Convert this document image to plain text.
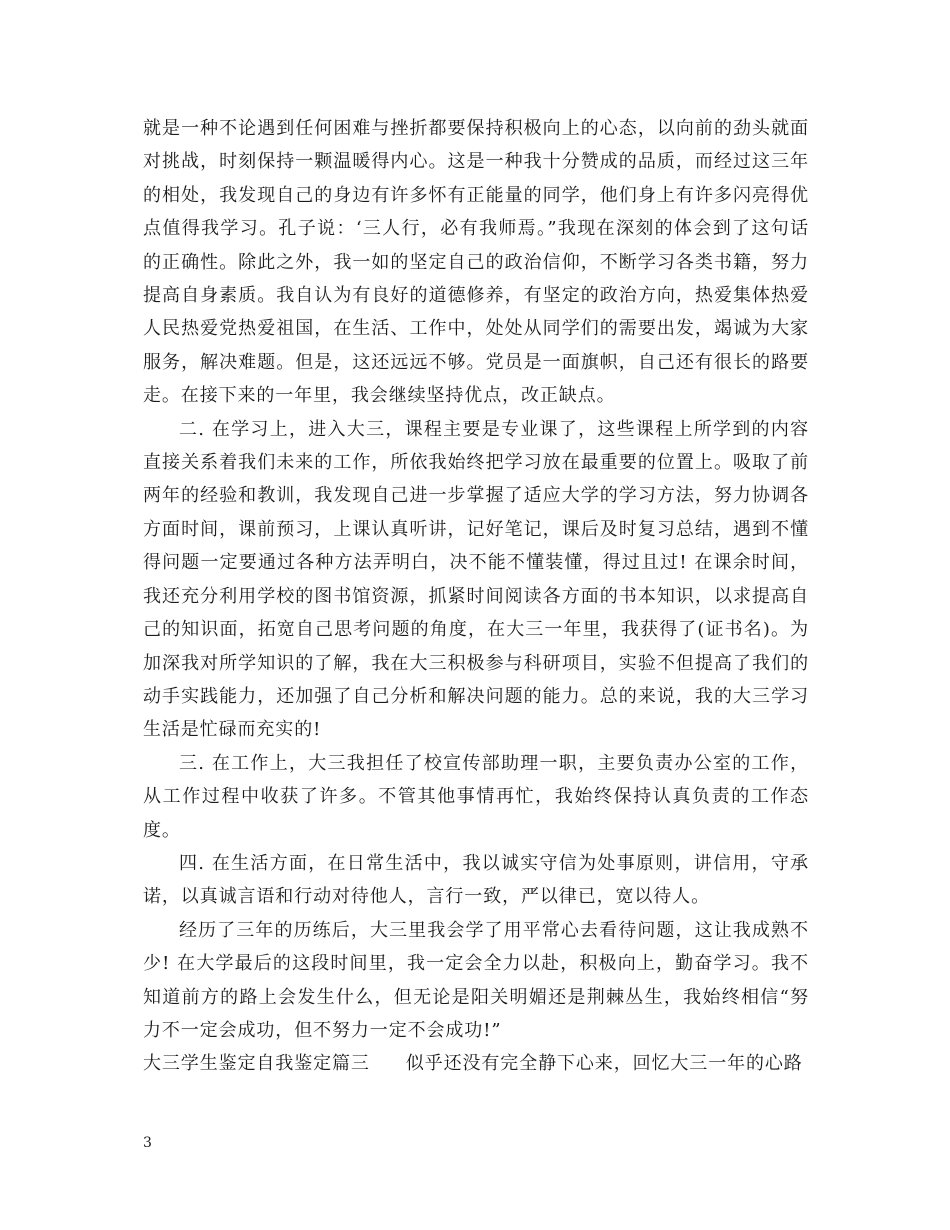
就是一种不论遇到任何困难与挫折都要保持积极向上的心态，以向前的劲头就面对挑战，时刻保持一颗温暖得内心。这是一种我十分赞成的品质，而经过这三年的相处，我发现自己的身边有许多怀有正能量的同学，他们身上有许多闪亮得优点值得我学习。孔子说：‘三人行，必有我师焉。”我现在深刻的体会到了这句话的正确性。除此之外，我一如的坚定自己的政治信仰，不断学习各类书籍，努力提高自身素质。我自认为有良好的道德修养，有坚定的政治方向，热爱集体热爱人民热爱党热爱祖国，在生活、工作中，处处从同学们的需要出发，竭诚为大家服务，解决难题。但是，这还远远不够。党员是一面旗帜，自己还有很长的路要走。在接下来的一年里，我会继续坚持优点，改正缺点。

二. 在学习上，进入大三，课程主要是专业课了，这些课程上所学到的内容直接关系着我们未来的工作，所依我始终把学习放在最重要的位置上。吸取了前两年的经验和教训，我发现自己进一步掌握了适应大学的学习方法，努力协调各方面时间，课前预习，上课认真听讲，记好笔记，课后及时复习总结，遇到不懂得问题一定要通过各种方法弄明白，决不能不懂装懂，得过且过! 在课余时间，我还充分利用学校的图书馆资源，抓紧时间阅读各方面的书本知识，以求提高自己的知识面，拓宽自己思考问题的角度，在大三一年里，我获得了(证书名)。为加深我对所学知识的了解，我在大三积极参与科研项目，实验不但提高了我们的动手实践能力，还加强了自己分析和解决问题的能力。总的来说，我的大三学习生活是忙碌而充实的!

三. 在工作上，大三我担任了校宣传部助理一职，主要负责办公室的工作，从工作过程中收获了许多。不管其他事情再忙，我始终保持认真负责的工作态度。

四. 在生活方面，在日常生活中，我以诚实守信为处事原则，讲信用，守承诺，以真诚言语和行动对待他人，言行一致，严以律已，宽以待人。

经历了三年的历练后，大三里我会学了用平常心去看待问题，这让我成熟不少! 在大学最后的这段时间里，我一定会全力以赴，积极向上，勤奋学习。我不知道前方的路上会发生什么，但无论是阳关明媚还是荆棘丛生，我始终相信“努力不一定会成功，但不努力一定不会成功!”

大三学生鉴定自我鉴定篇三 似乎还没有完全静下心来，回忆大三一年的心路

3
